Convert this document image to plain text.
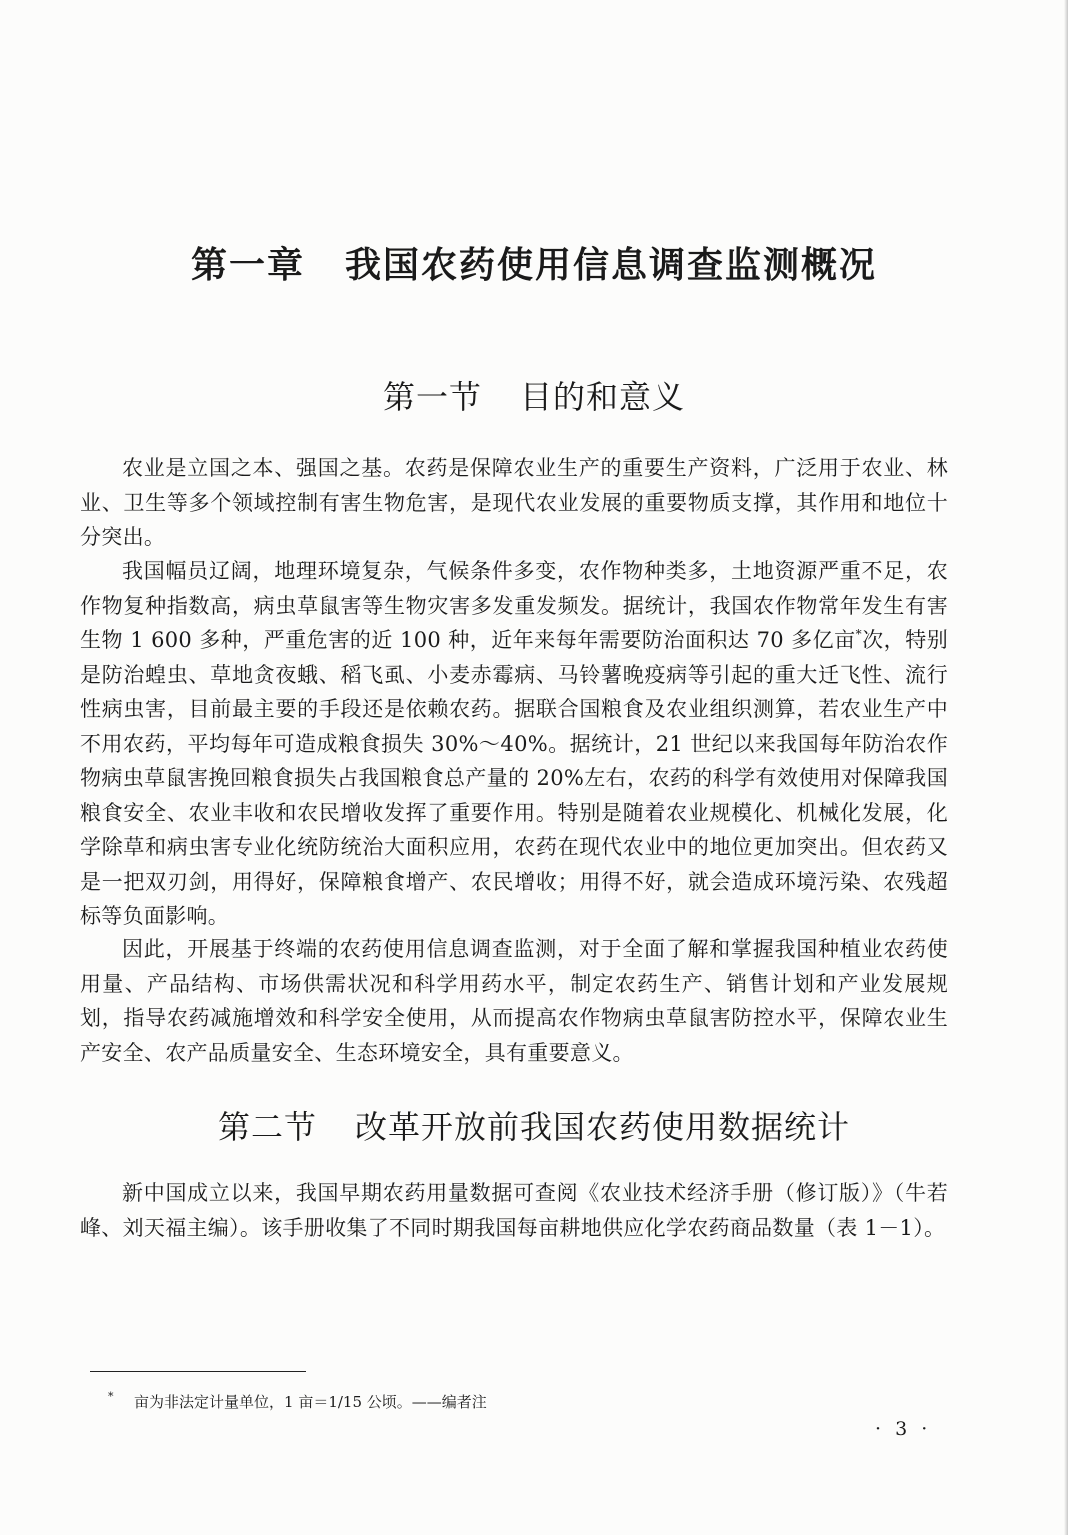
第一章 我国农药使用信息调查监测概况
第一节 目的和意义

农业是立国之本、强国之基。农药是保障农业生产的重要生产资料，广泛用于农业、林业、卫生等多个领域控制有害生物危害，是现代农业发展的重要物质支撑，其作用和地位十分突出。

我国幅员辽阔，地理环境复杂，气候条件多变，农作物种类多，土地资源严重不足，农作物复种指数高，病虫草鼠害等生物灾害多发重发频发。据统计，我国农作物常年发生有害生物 1 600 多种，严重危害的近 100 种，近年来每年需要防治面积达 70 多亿亩*次，特别是防治蝗虫、草地贪夜蛾、稻飞虱、小麦赤霉病、马铃薯晚疫病等引起的重大迁飞性、流行性病虫害，目前最主要的手段还是依赖农药。据联合国粮食及农业组织测算，若农业生产中不用农药，平均每年可造成粮食损失 30%～40%。据统计，21 世纪以来我国每年防治农作物病虫草鼠害挽回粮食损失占我国粮食总产量的 20%左右，农药的科学有效使用对保障我国粮食安全、农业丰收和农民增收发挥了重要作用。特别是随着农业规模化、机械化发展，化学除草和病虫害专业化统防统治大面积应用，农药在现代农业中的地位更加突出。但农药又是一把双刃剑，用得好，保障粮食增产、农民增收；用得不好，就会造成环境污染、农残超标等负面影响。

因此，开展基于终端的农药使用信息调查监测，对于全面了解和掌握我国种植业农药使用量、产品结构、市场供需状况和科学用药水平，制定农药生产、销售计划和产业发展规划，指导农药减施增效和科学安全使用，从而提高农作物病虫草鼠害防控水平，保障农业生产安全、农产品质量安全、生态环境安全，具有重要意义。

第二节 改革开放前我国农药使用数据统计

新中国成立以来，我国早期农药用量数据可查阅《农业技术经济手册（修订版）》（牛若峰、刘天福主编）。该手册收集了不同时期我国每亩耕地供应化学农药商品数量（表 1－1）。

* 亩为非法定计量单位，1 亩＝1/15 公顷。——编者注
· 3 ·
